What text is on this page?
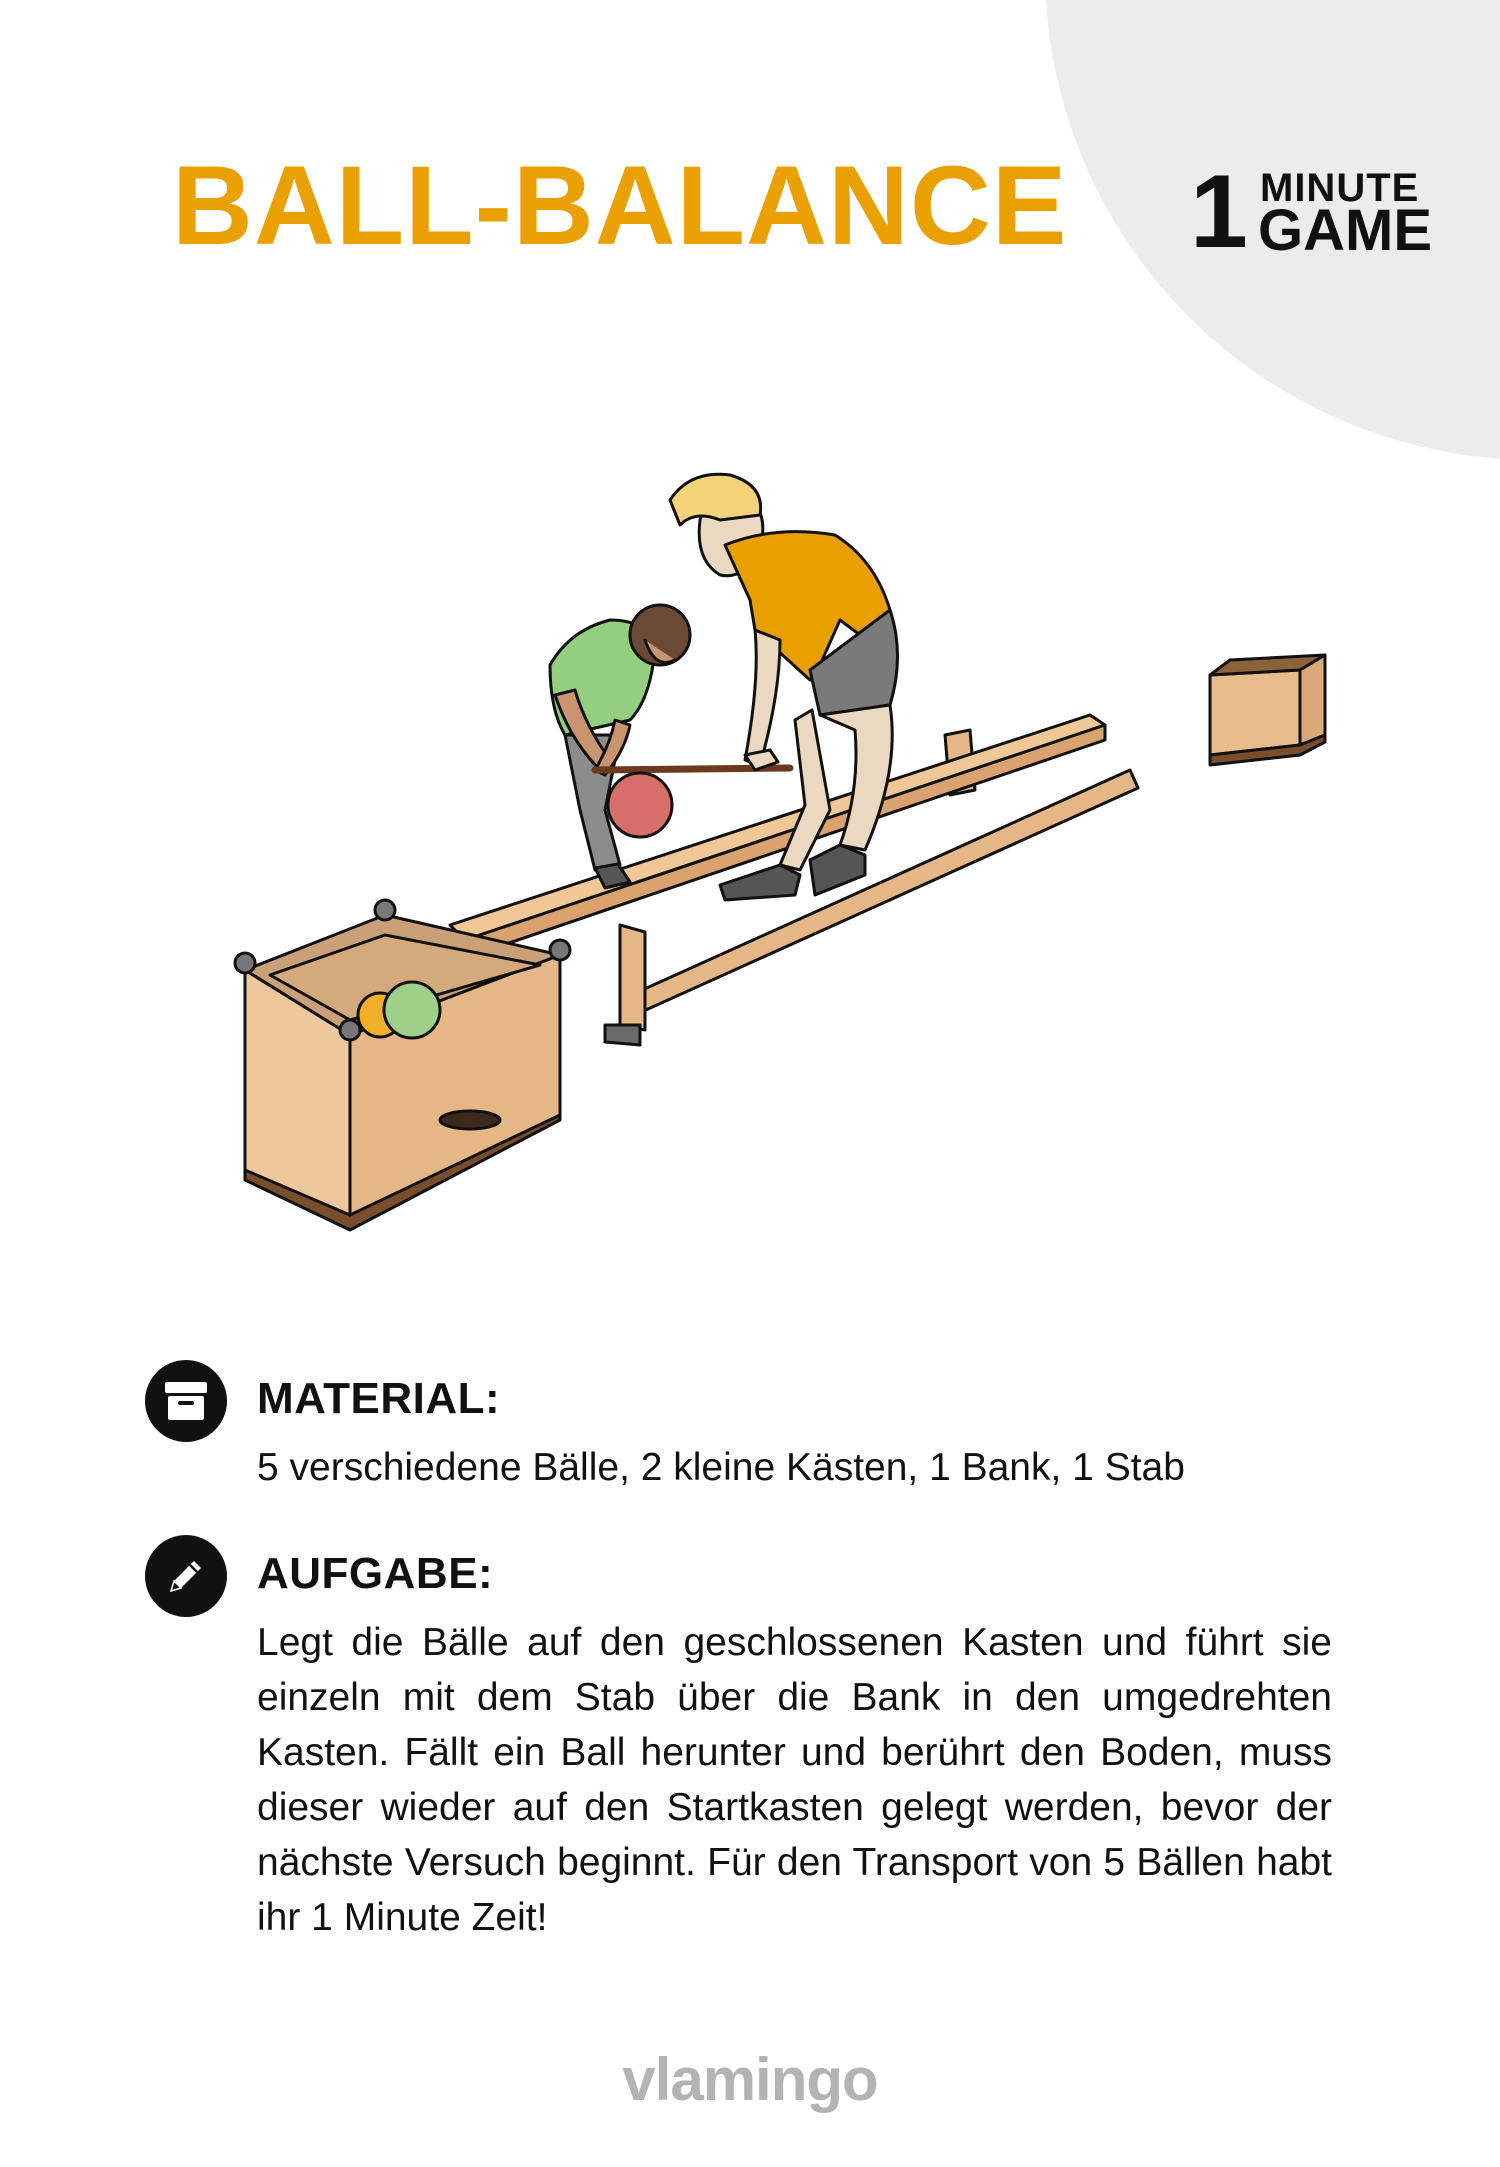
BALL-BALANCE 1 MINUTE
GAME
MATERIAL:

5 verschiedene Bälle, 2 kleine Kästen, 1 Bank, 1 Stab

AUFGABE:

Legt die Bälle auf den geschlossenen Kasten und führt sie einzeln mit dem Stab über die Bank in den umgedrehten Kasten. Fällt ein Ball herunter und berührt den Boden, muss dieser wieder auf den Startkasten gelegt werden, bevor der nächste Versuch beginnt. Für den Transport von 5 Bällen habt ihr 1 Minute Zeit!

vlamingo
